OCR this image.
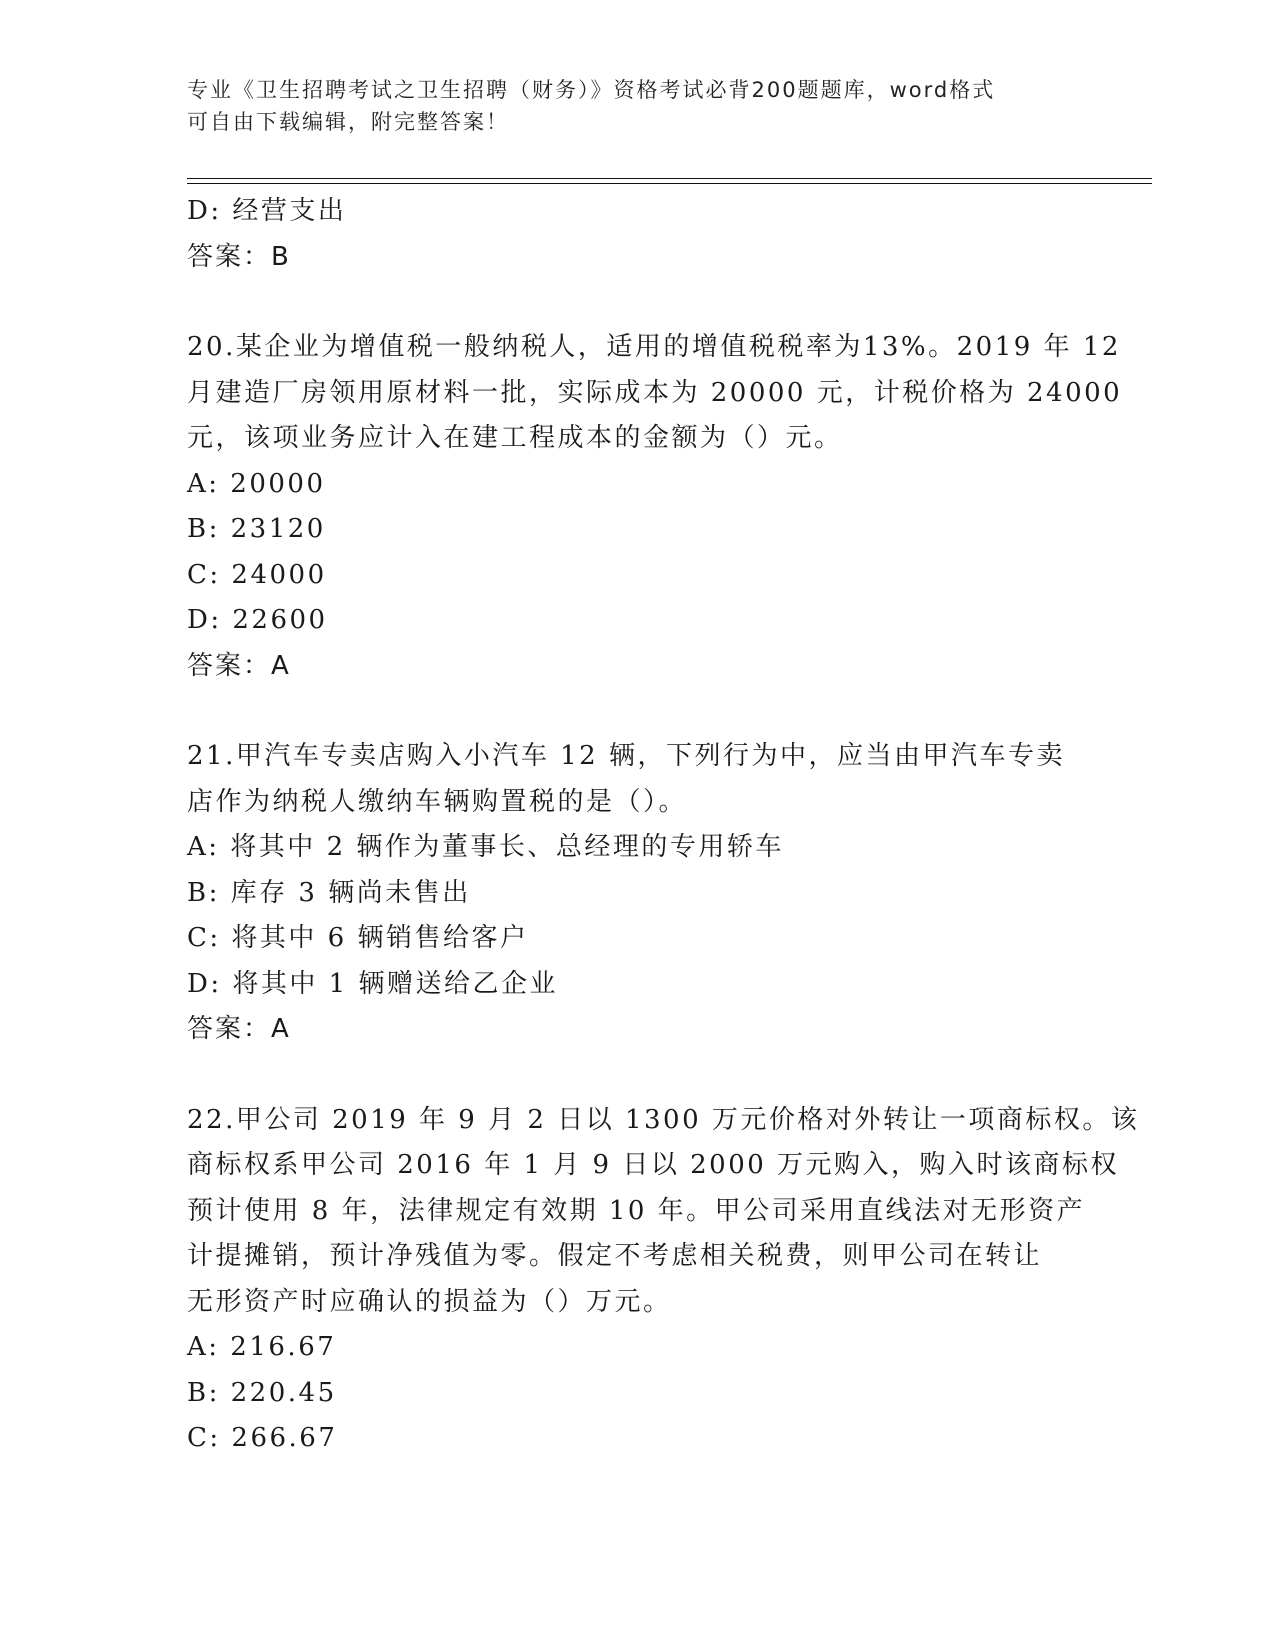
专业《卫生招聘考试之卫生招聘（财务）》资格考试必背200题题库，word格式
可自由下载编辑，附完整答案！
D: 经营支出
答案：B
20.某企业为增值税一般纳税人，适用的增值税税率为13%。2019 年 12
月建造厂房领用原材料一批，实际成本为 20000 元，计税价格为 24000
元，该项业务应计入在建工程成本的金额为（）元。
A: 20000
B: 23120
C: 24000
D: 22600
答案：A
21.甲汽车专卖店购入小汽车 12 辆，下列行为中，应当由甲汽车专卖
店作为纳税人缴纳车辆购置税的是（）。
A: 将其中 2 辆作为董事长、总经理的专用轿车
B: 库存 3 辆尚未售出
C: 将其中 6 辆销售给客户
D: 将其中 1 辆赠送给乙企业
答案：A
22.甲公司 2019 年 9 月 2 日以 1300 万元价格对外转让一项商标权。该
商标权系甲公司 2016 年 1 月 9 日以 2000 万元购入，购入时该商标权
预计使用 8 年，法律规定有效期 10 年。甲公司采用直线法对无形资产
计提摊销，预计净残值为零。假定不考虑相关税费，则甲公司在转让
无形资产时应确认的损益为（）万元。
A: 216.67
B: 220.45
C: 266.67
